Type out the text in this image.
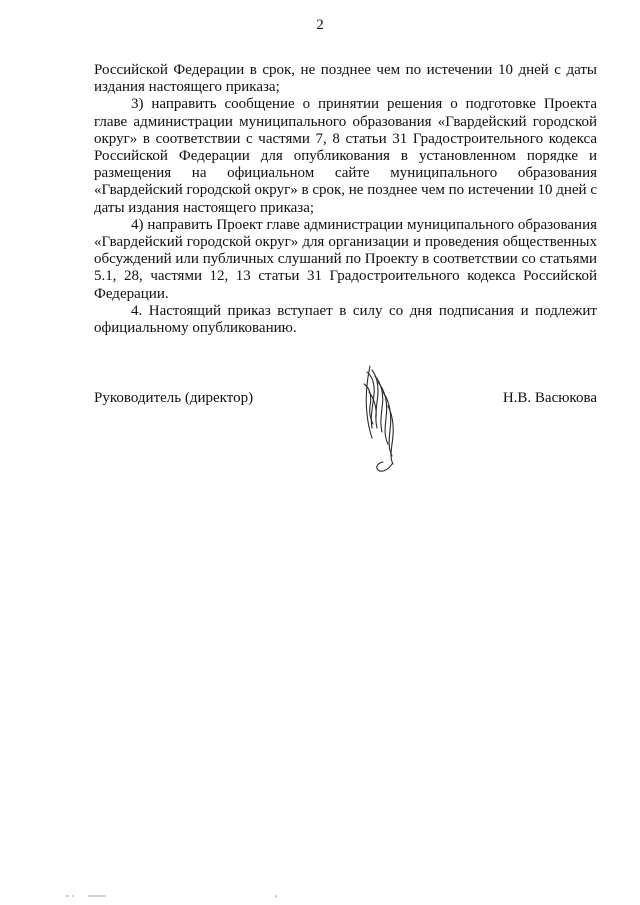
2

Российской Федерации в срок, не позднее чем по истечении 10 дней с даты издания настоящего приказа;

3) направить сообщение о принятии решения о подготовке Проекта главе администрации муниципального образования «Гвардейский городской округ» в соответствии с частями 7, 8 статьи 31 Градостроительного кодекса Российской Федерации для опубликования в установленном порядке и размещения на официальном сайте муниципального образования «Гвардейский городской округ» в срок, не позднее чем по истечении 10 дней с даты издания настоящего приказа;

4) направить Проект главе администрации муниципального образования «Гвардейский городской округ» для организации и проведения общественных обсуждений или публичных слушаний по Проекту в соответствии со статьями 5.1, 28, частями 12, 13 статьи 31 Градостроительного кодекса Российской Федерации.

4. Настоящий приказ вступает в силу со дня подписания и подлежит официальному опубликованию.

Руководитель (директор)	Н.В. Васюкова
